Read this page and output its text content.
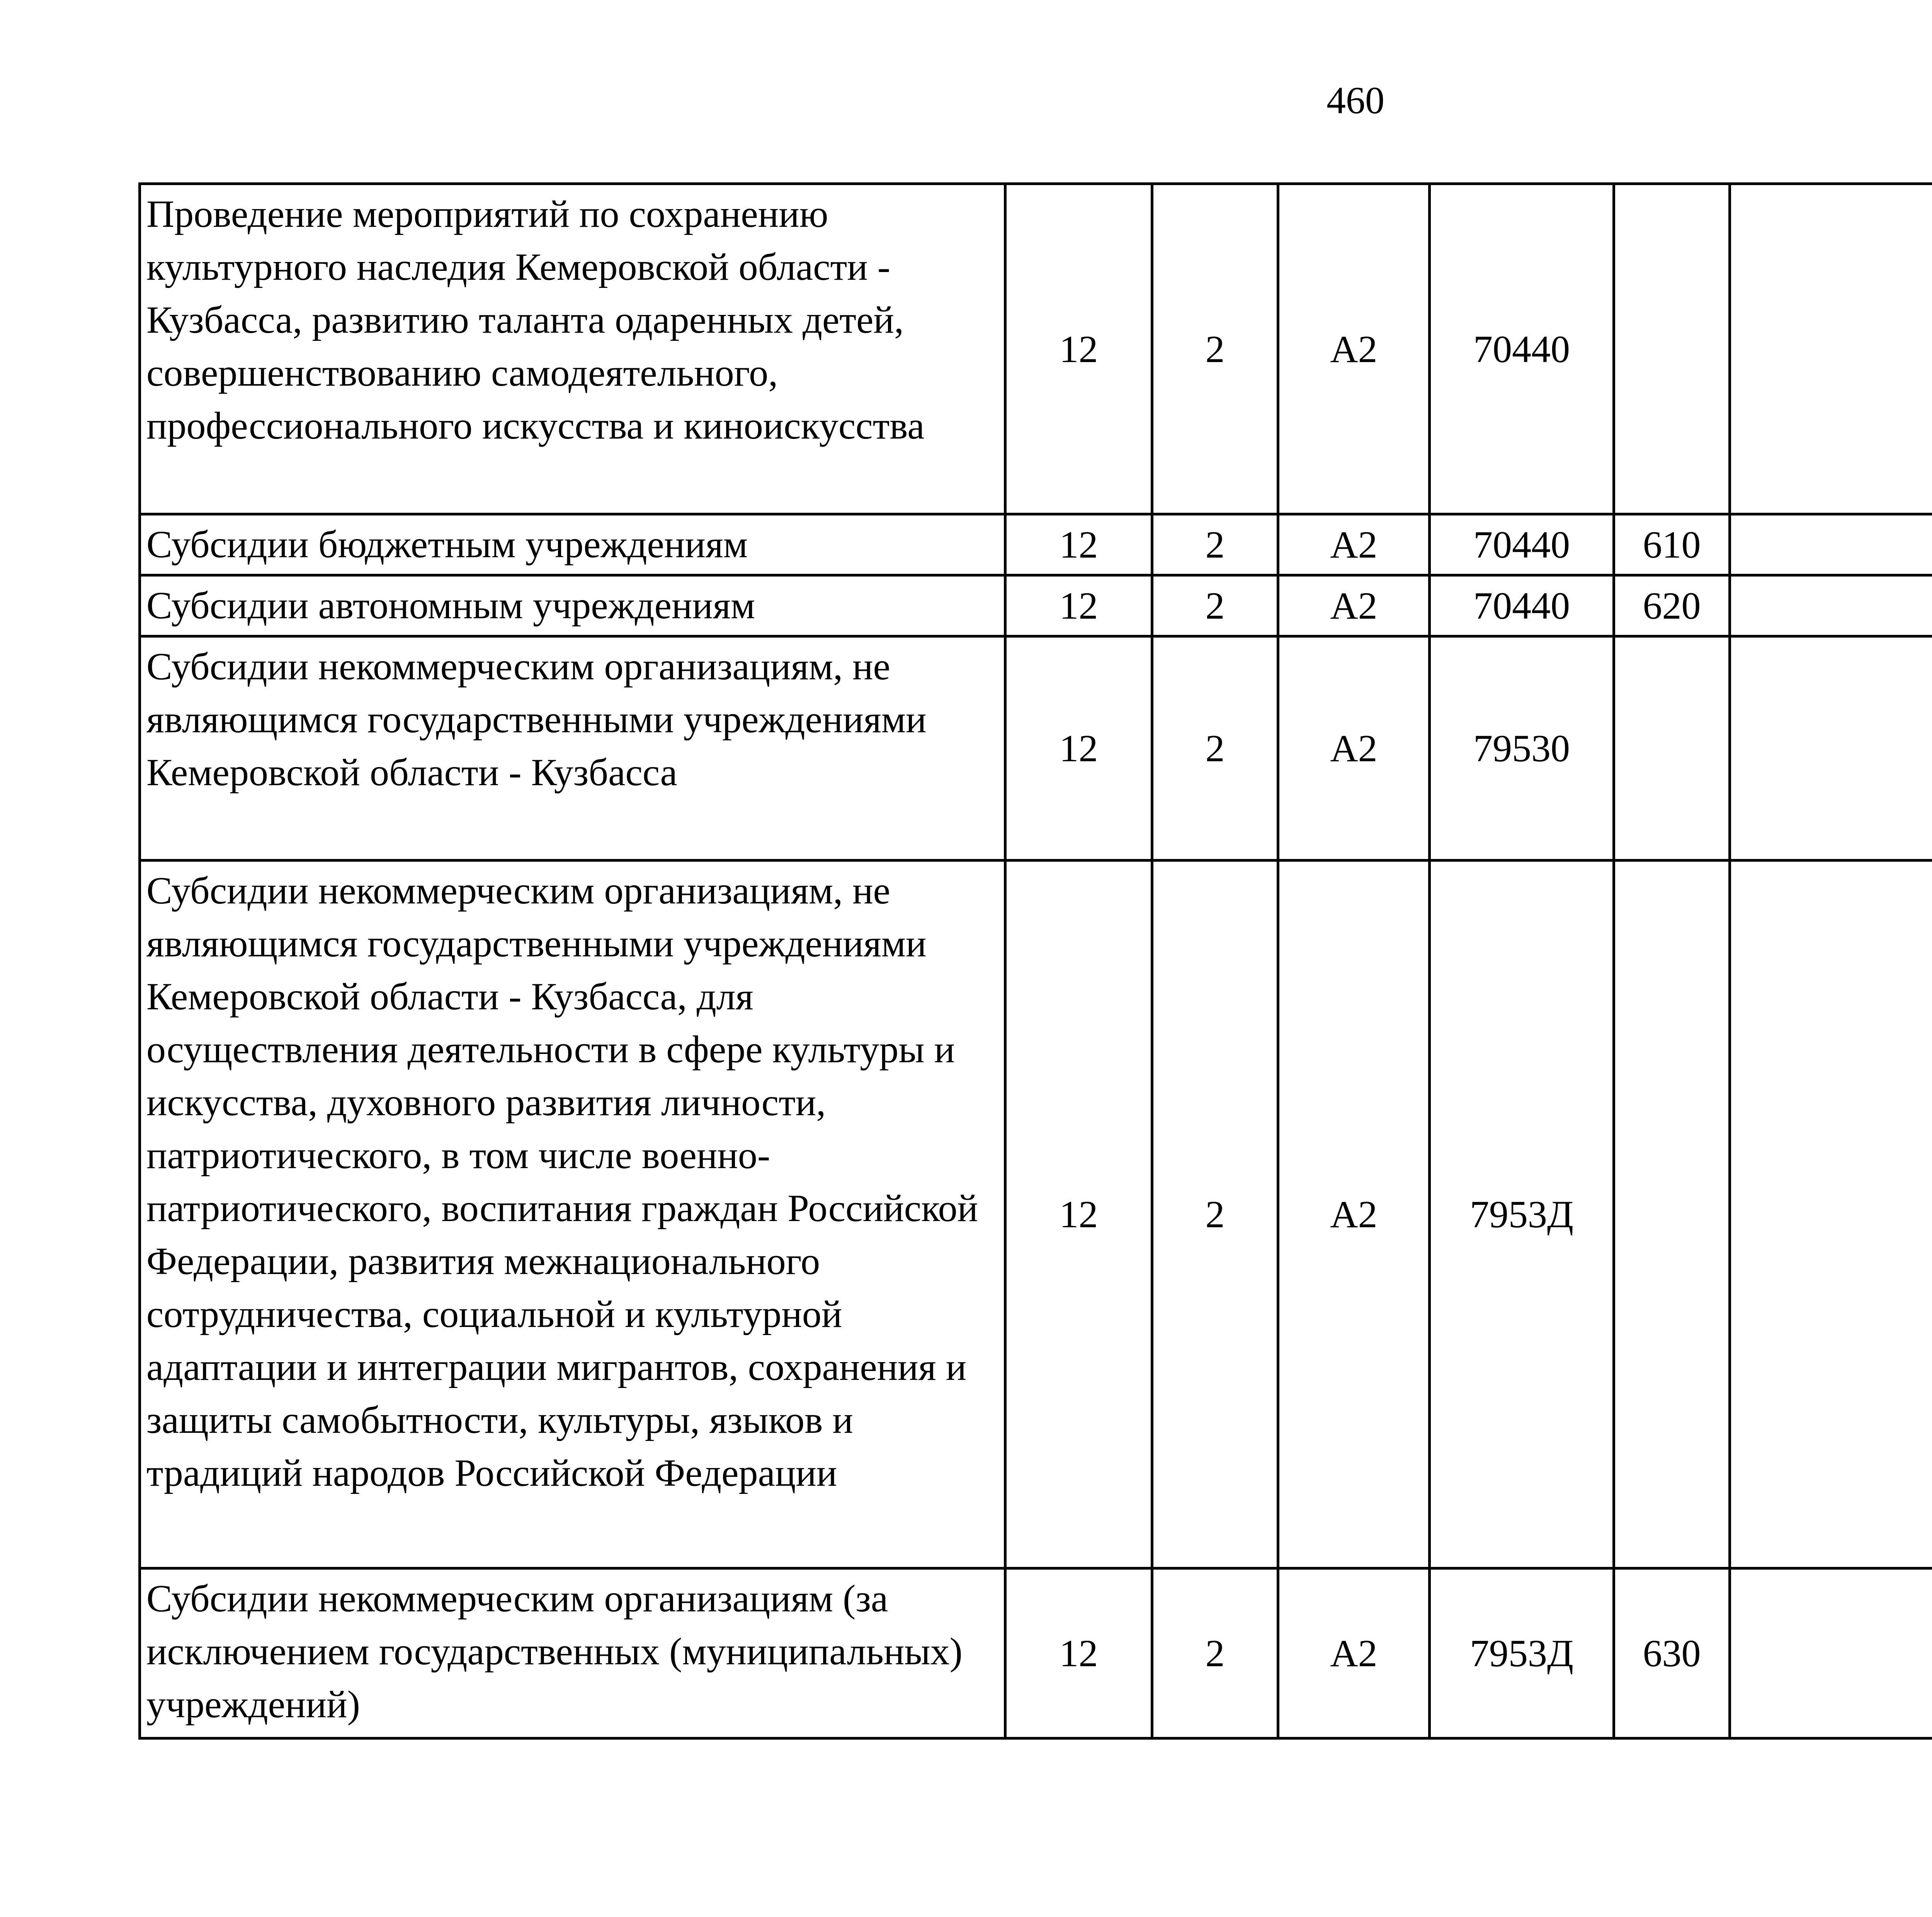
460
Проведение мероприятий по сохранению культурного наследия Кемеровской области - Кузбасса, развитию таланта одаренных детей, совершенствованию самодеятельного, профессионального искусства и киноискусства	12	2	А2	70440				
Субсидии бюджетным учреждениям	12	2	А2	70440	610			
Субсидии автономным учреждениям	12	2	А2	70440	620			
Субсидии некоммерческим организациям, не являющимся государственными учреждениями Кемеровской области - Кузбасса	12	2	А2	79530				
Субсидии некоммерческим организациям, не являющимся государственными учреждениями Кемеровской области - Кузбасса, для осуществления деятельности в сфере культуры и искусства, духовного развития личности, патриотического, в том числе военно-патриотического, воспитания граждан Российской Федерации, развития межнационального сотрудничества, социальной и культурной адаптации и интеграции мигрантов, сохранения и защиты самобытности, культуры, языков и традиций народов Российской Федерации	12	2	А2	7953Д				
Субсидии некоммерческим организациям (за исключением государственных (муниципальных) учреждений)	12	2	А2	7953Д	630			
